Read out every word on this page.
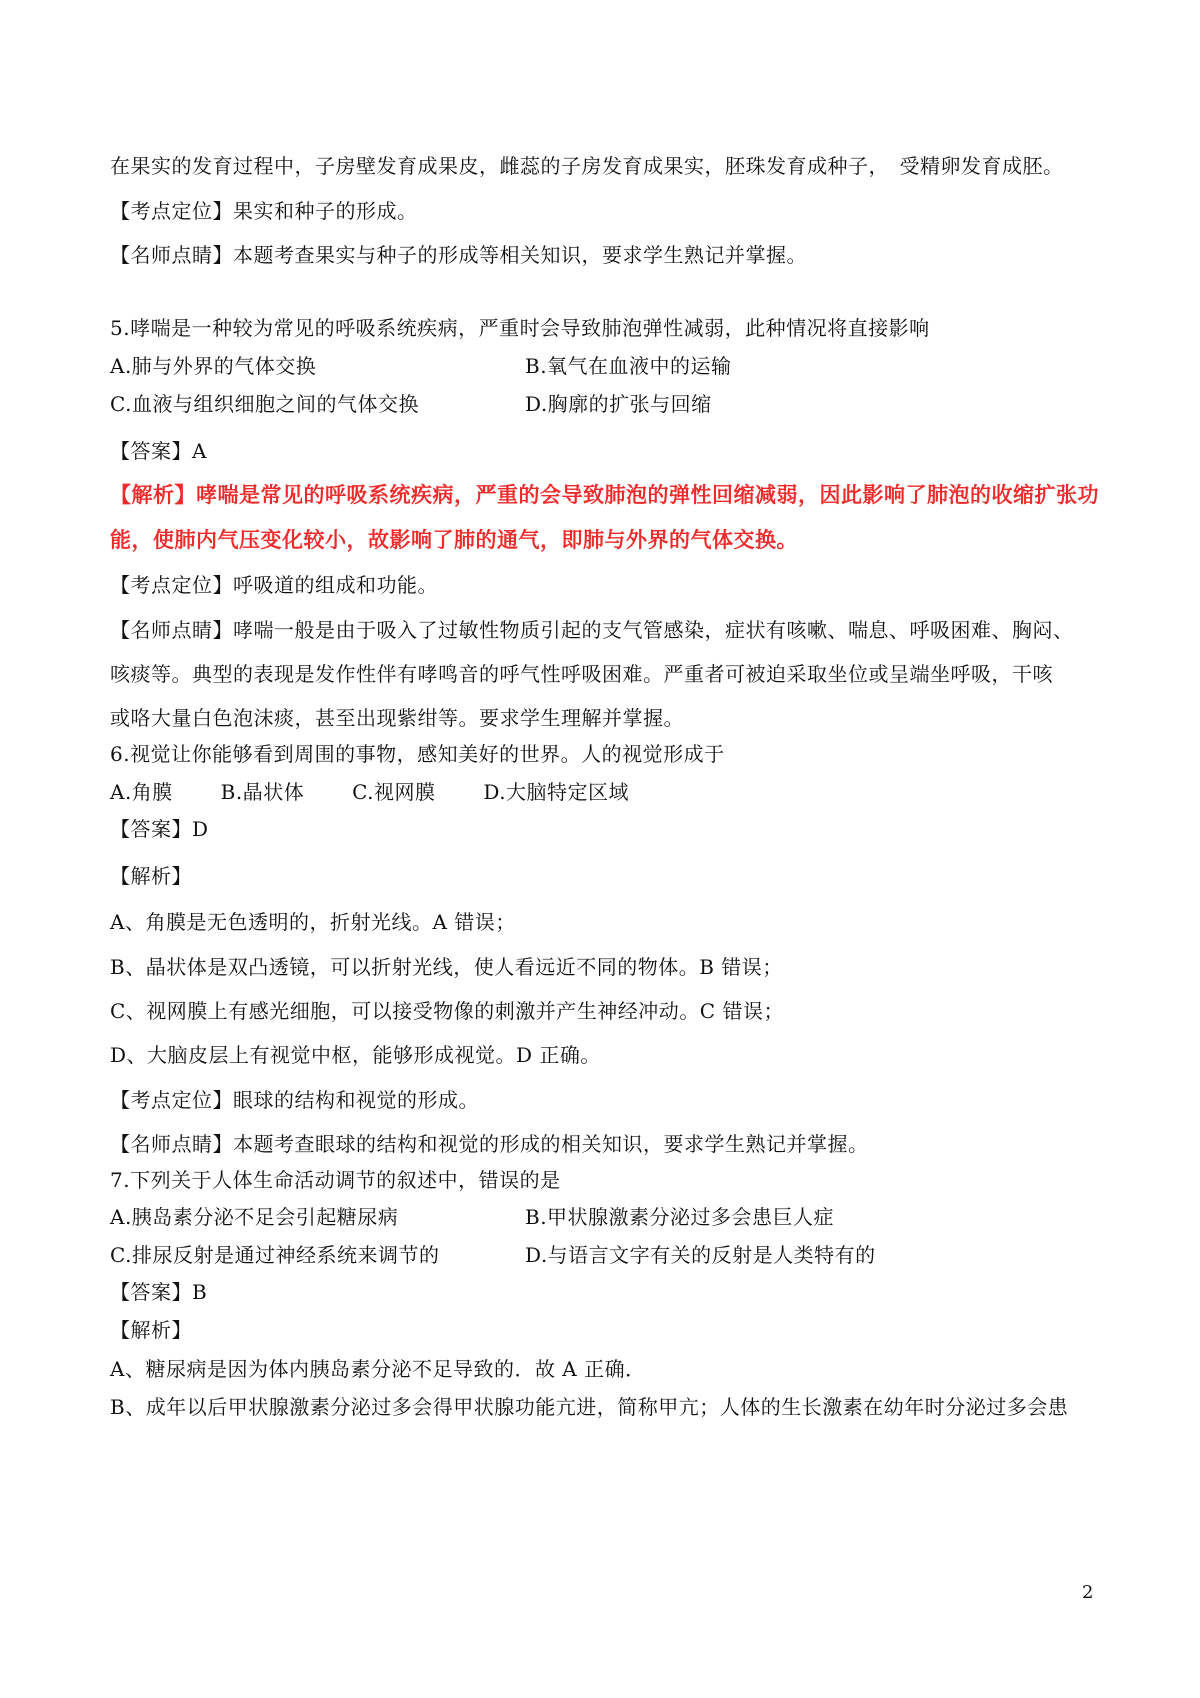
在果实的发育过程中，子房壁发育成果皮，雌蕊的子房发育成果实，胚珠发育成种子，　受精卵发育成胚。
【考点定位】果实和种子的形成。
【名师点睛】本题考查果实与种子的形成等相关知识，要求学生熟记并掌握。
5.哮喘是一种较为常见的呼吸系统疾病，严重时会导致肺泡弹性减弱，此种情况将直接影响
A.肺与外界的气体交换	B.氧气在血液中的运输
C.血液与组织细胞之间的气体交换	D.胸廓的扩张与回缩
【答案】A
【解析】哮喘是常见的呼吸系统疾病，严重的会导致肺泡的弹性回缩减弱，因此影响了肺泡的收缩扩张功
能，使肺内气压变化较小，故影响了肺的通气，即肺与外界的气体交换。
【考点定位】呼吸道的组成和功能。
【名师点睛】哮喘一般是由于吸入了过敏性物质引起的支气管感染，症状有咳嗽、喘息、呼吸困难、胸闷、
咳痰等。典型的表现是发作性伴有哮鸣音的呼气性呼吸困难。严重者可被迫采取坐位或呈端坐呼吸，干咳
或咯大量白色泡沫痰，甚至出现紫绀等。要求学生理解并掌握。
6.视觉让你能够看到周围的事物，感知美好的世界。人的视觉形成于
A.角膜　　 B.晶状体　　 C.视网膜　　 D.大脑特定区域
【答案】D
【解析】
A、角膜是无色透明的，折射光线。A 错误；
B、晶状体是双凸透镜，可以折射光线，使人看远近不同的物体。B 错误；
C、视网膜上有感光细胞，可以接受物像的刺激并产生神经冲动。C 错误；
D、大脑皮层上有视觉中枢，能够形成视觉。D 正确。
【考点定位】眼球的结构和视觉的形成。
【名师点睛】本题考查眼球的结构和视觉的形成的相关知识，要求学生熟记并掌握。
7.下列关于人体生命活动调节的叙述中，错误的是
A.胰岛素分泌不足会引起糖尿病	B.甲状腺激素分泌过多会患巨人症
C.排尿反射是通过神经系统来调节的	D.与语言文字有关的反射是人类特有的
【答案】B
【解析】
A、糖尿病是因为体内胰岛素分泌不足导致的．故 A 正确．
B、成年以后甲状腺激素分泌过多会得甲状腺功能亢进，简称甲亢；人体的生长激素在幼年时分泌过多会患
2
